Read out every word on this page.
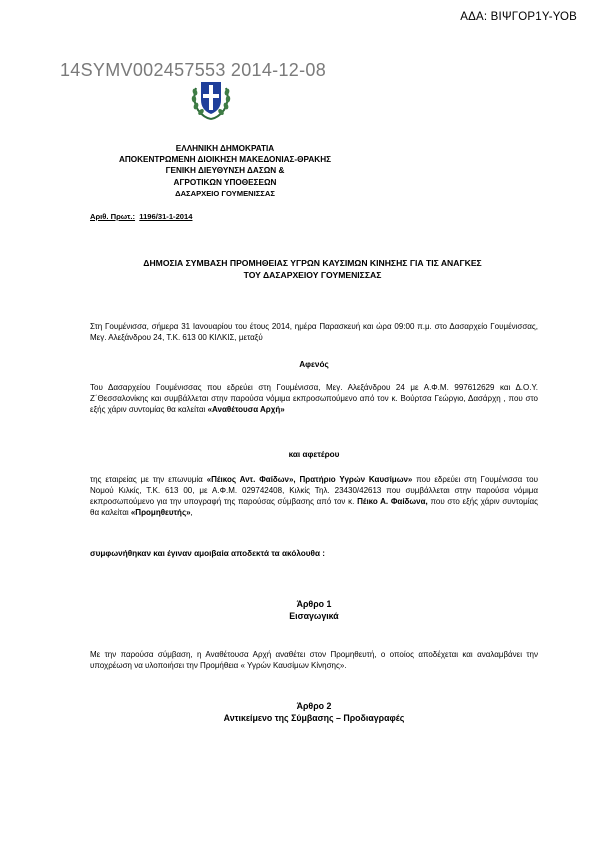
ΑΔΑ: ΒΙΨΓΟΡ1Υ-ΥΟΒ
14SYMV002457553 2014-12-08
ΕΛΛΗΝΙΚΗ ΔΗΜΟΚΡΑΤΙΑ
ΑΠΟΚΕΝΤΡΩΜΕΝΗ ΔΙΟΙΚΗΣΗ ΜΑΚΕΔΟΝΙΑΣ-ΘΡΑΚΗΣ
ΓΕΝΙΚΗ ΔΙΕΥΘΥΝΣΗ ΔΑΣΩΝ &
ΑΓΡΟΤΙΚΩΝ ΥΠΟΘΕΣΕΩΝ
ΔΑΣΑΡΧΕΙΟ ΓΟΥΜΕΝΙΣΣΑΣ
Αριθ. Πρωτ.: 1196/31-1-2014
ΔΗΜΟΣΙΑ ΣΥΜΒΑΣΗ ΠΡΟΜΗΘΕΙΑΣ ΥΓΡΩΝ ΚΑΥΣΙΜΩΝ ΚΙΝΗΣΗΣ ΓΙΑ ΤΙΣ ΑΝΑΓΚΕΣ
ΤΟΥ ΔΑΣΑΡΧΕΙΟΥ ΓΟΥΜΕΝΙΣΣΑΣ
Στη Γουμένισσα, σήμερα 31 Ιανουαρίου του έτους 2014, ημέρα Παρασκευή και ώρα 09:00 π.μ. στο Δασαρχείο Γουμένισσας, Μεγ. Αλεξάνδρου 24, Τ.Κ. 613 00 ΚΙΛΚΙΣ, μεταξύ
Αφενός
Του Δασαρχείου Γουμένισσας που εδρεύει στη Γουμένισσα, Μεγ. Αλεξάνδρου 24 με Α.Φ.Μ. 997612629 και Δ.Ο.Υ. Ζ΄Θεσσαλονίκης και συμβάλλεται στην παρούσα νόμιμα εκπροσωπούμενο από τον κ. Βούρτσα Γεώργιο, Δασάρχη , που στο εξής χάριν συντομίας θα καλείται «Αναθέτουσα Αρχή»
και αφετέρου
της εταιρείας με την επωνυμία «Πέικος Αντ. Φαίδων», Πρατήριο Υγρών Καυσίμων» που εδρεύει στη Γουμένισσα του Νομού Κιλκίς, Τ.Κ. 613 00, με Α.Φ.Μ. 029742408, Κιλκίς Τηλ. 23430/42613 που συμβάλλεται στην παρούσα νόμιμα εκπροσωπούμενο για την υπογραφή της παρούσας σύμβασης από τον κ. Πέικο Α. Φαίδωνα, που στο εξής χάριν συντομίας θα καλείται «Προμηθευτής»,
συμφωνήθηκαν και έγιναν αμοιβαία αποδεκτά τα ακόλουθα :
Άρθρο 1
Εισαγωγικά
Με την παρούσα σύμβαση, η Αναθέτουσα Αρχή αναθέτει στον Προμηθευτή, ο οποίος αποδέχεται και αναλαμβάνει την υποχρέωση να υλοποιήσει την Προμήθεια « Υγρών Καυσίμων Κίνησης».
Άρθρο 2
Αντικείμενο της Σύμβασης – Προδιαγραφές
